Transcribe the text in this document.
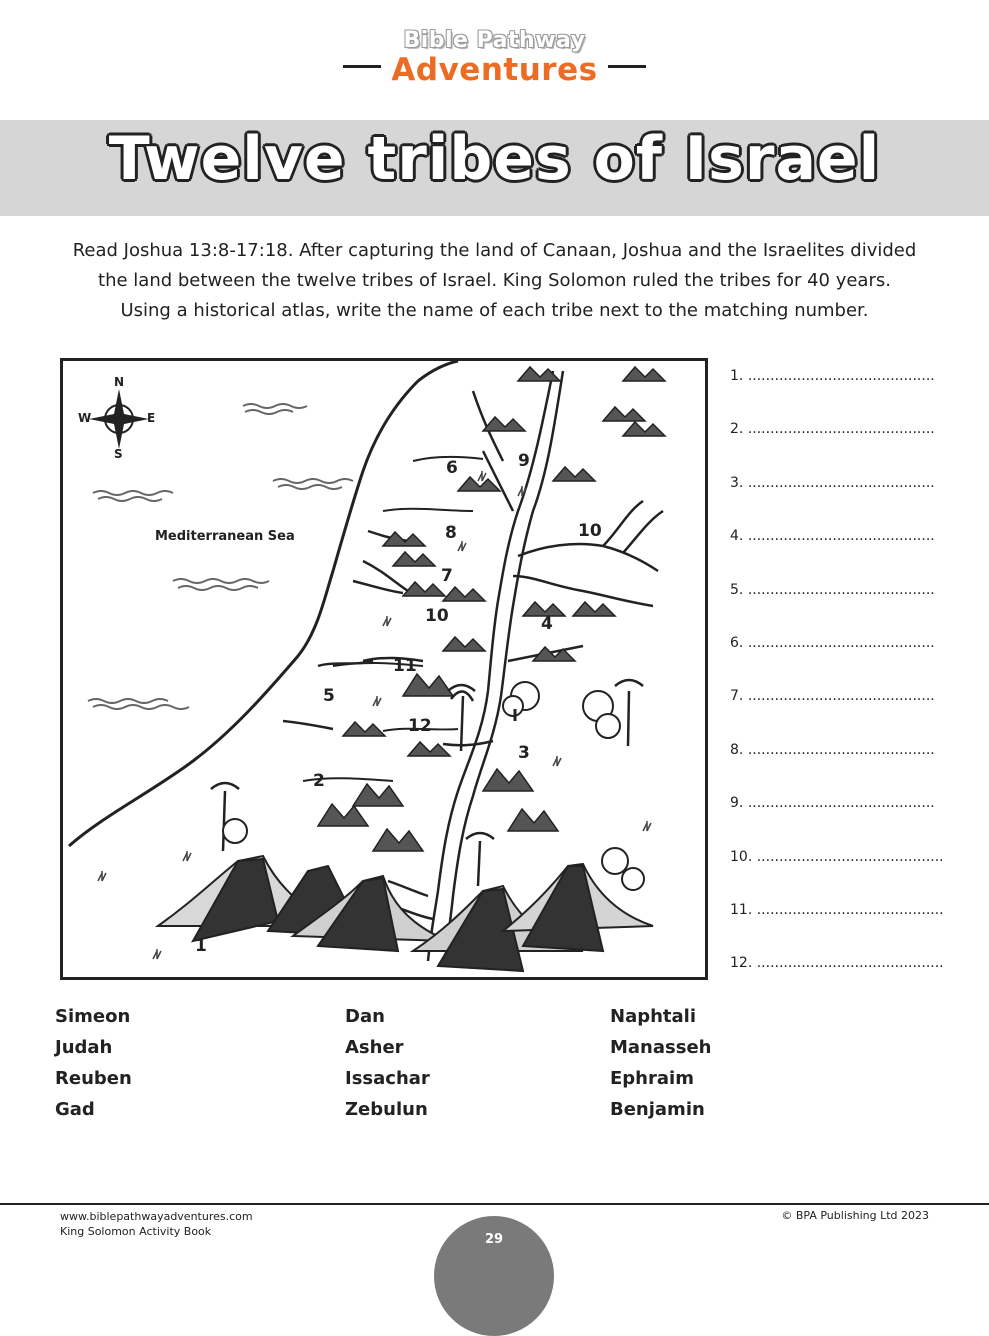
Bible Pathway
Adventures
Twelve tribes of Israel
Read Joshua 13:8-17:18. After capturing the land of Canaan, Joshua and the Israelites divided
the land between the twelve tribes of Israel. King Solomon ruled the tribes for 40 years.
Using a historical atlas, write the name of each tribe next to the matching number.
N
S
E
W
Mediterranean Sea
1
2
3
4
5
6
7
8
9
10
10
11
12
1. ..........................................
2. ..........................................
3. ..........................................
4. ..........................................
5. ..........................................
6. ..........................................
7. ..........................................
8. ..........................................
9. ..........................................
10. ..........................................
11. ..........................................
12. ..........................................
Simeon
Judah
Reuben
Gad
Dan
Asher
Issachar
Zebulun
Naphtali
Manasseh
Ephraim
Benjamin
www.biblepathwayadventures.com
King Solomon Activity Book
© BPA Publishing Ltd 2023
29
